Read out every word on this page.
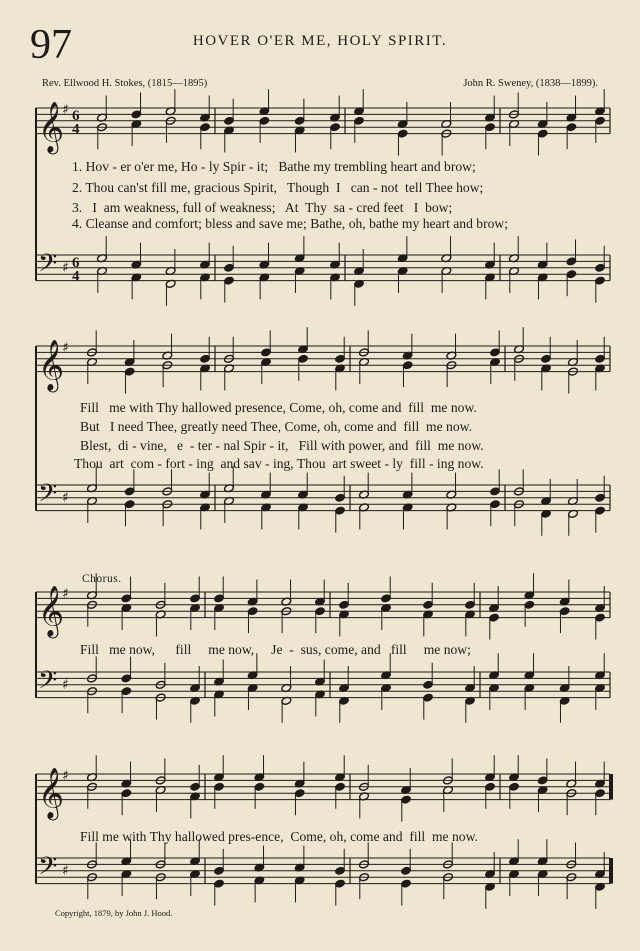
97	HOVER O'ER ME, HOLY SPIRIT.
Rev. Ellwood H. Stokes, (1815—1895)	John R. Sweney, (1838—1899).
𝄞
𝄢
♯
♯
6
4
6
4
𝄞
𝄢
♯
♯
𝄞
𝄢
♯
♯
𝄞
𝄢
♯
♯
1. Hov - er o'er me, Ho - ly Spir - it;   Bathe my trembling heart and brow;
2. Thou can'st fill me, gracious Spirit,   Though  I   can - not  tell Thee how;
3.   I  am weakness, full of weakness;   At  Thy  sa - cred feet   I  bow;
4. Cleanse and comfort; bless and save me; Bathe, oh, bathe my heart and brow;
Fill   me with Thy hallowed presence, Come, oh, come and  fill  me now.
But   I need Thee, greatly need Thee, Come, oh, come and  fill  me now.
Blest,  di - vine,   e  - ter - nal Spir - it,   Fill with power, and  fill  me now.
Thou  art  com - fort - ing  and sav - ing, Thou  art sweet - ly  fill - ing now.
Chorus.
Fill   me now,      fill     me now,     Je  -  sus, come, and   fill     me now;
Fill me with Thy hallowed pres-ence,  Come, oh, come and  fill  me now.
Copyright, 1879, by John J. Hood.
